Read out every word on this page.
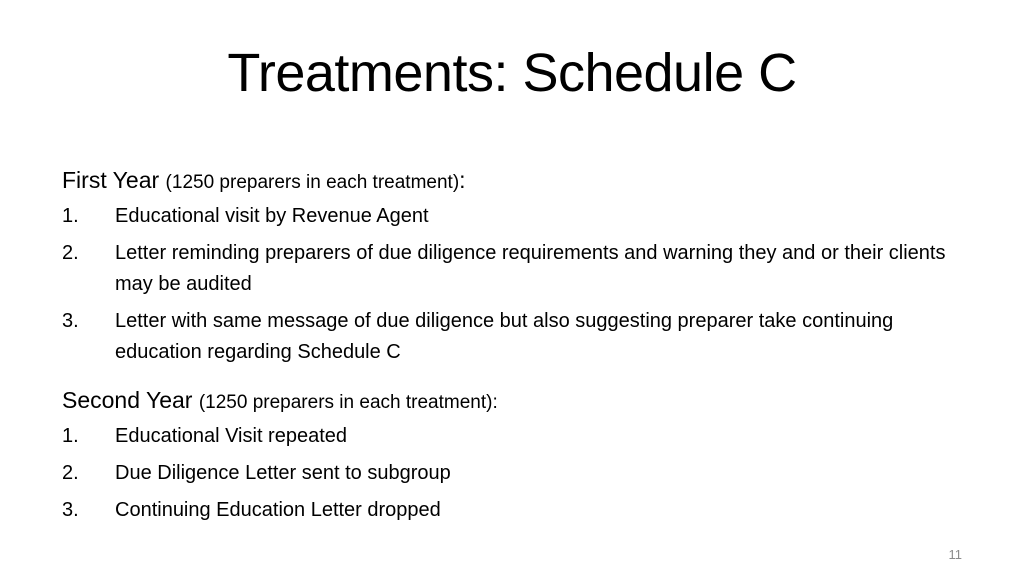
Treatments: Schedule C

First Year (1250 preparers in each treatment):

1. Educational visit by Revenue Agent
2. Letter reminding preparers of due diligence requirements and warning they and or their clients may be audited
3. Letter with same message of due diligence but also suggesting preparer take continuing education regarding Schedule C

Second Year (1250 preparers in each treatment):

1. Educational Visit repeated
2. Due Diligence Letter sent to subgroup
3. Continuing Education Letter dropped
11
